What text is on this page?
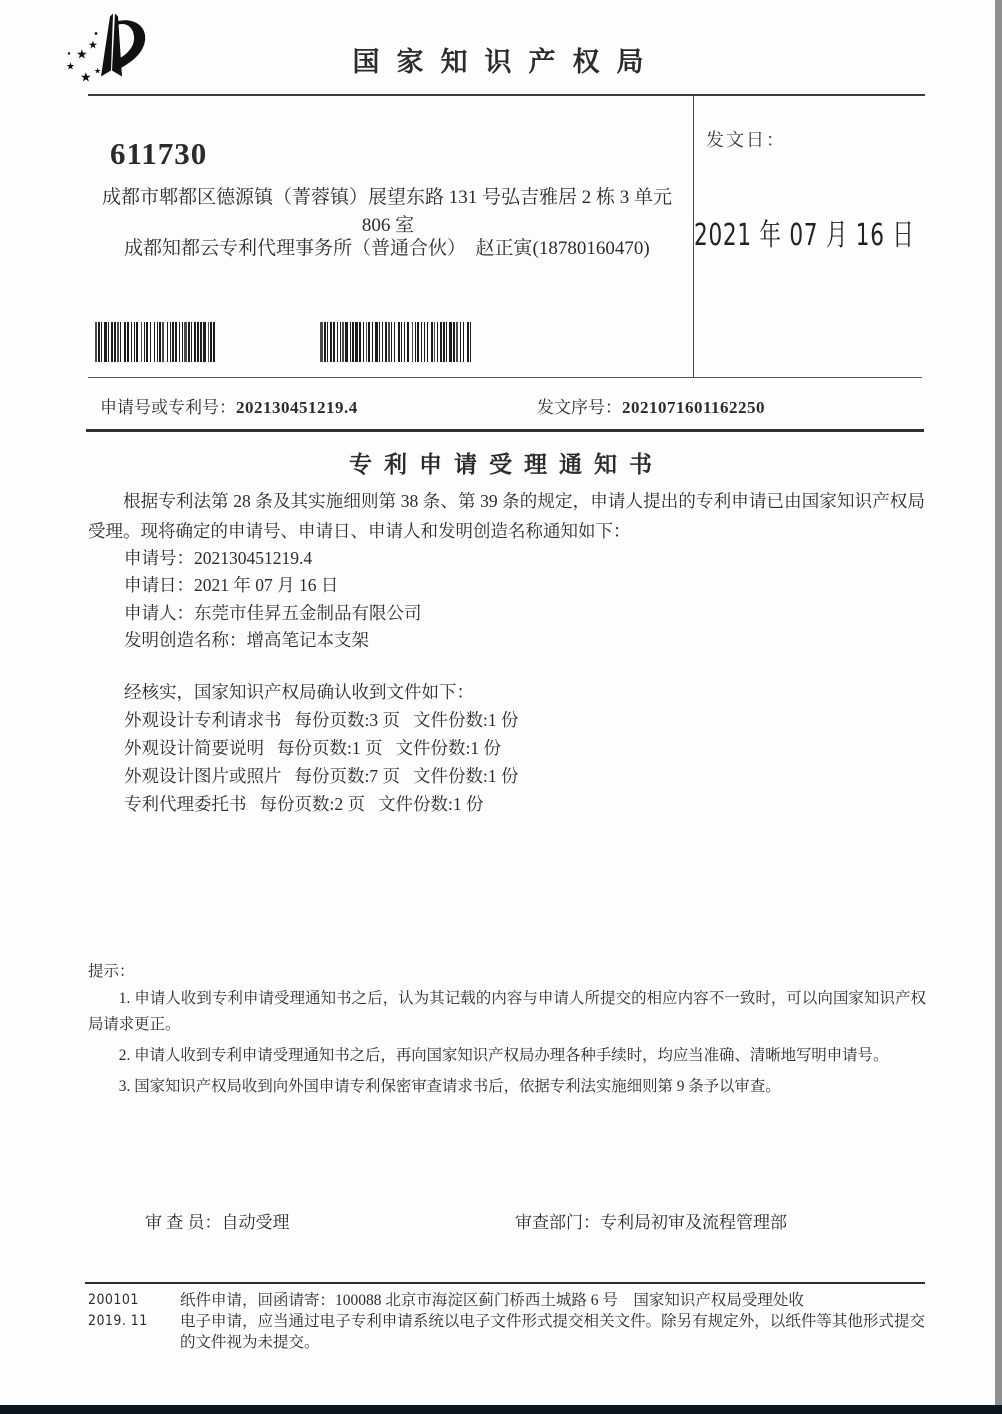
★
★
★
★ ★	国家知识产权局
611730
成都市郫都区德源镇（菁蓉镇）展望东路 131 号弘吉雅居 2 栋 3 单元
806 室
成都知都云专利代理事务所（普通合伙）　赵正寅(18780160470)
发文日：
2021 年 07 月 16 日
申请号或专利号：202130451219.4	发文序号：2021071601162250
专利申请受理通知书
根据专利法第 28 条及其实施细则第 38 条、第 39 条的规定，申请人提出的专利申请已由国家知识产权局受理。现将确定的申请号、申请日、申请人和发明创造名称通知如下：
申请号：202130451219.4
申请日：2021 年 07 月 16 日
申请人：东莞市佳昇五金制品有限公司
发明创造名称：增高笔记本支架
经核实，国家知识产权局确认收到文件如下：
外观设计专利请求书 每份页数:3 页 文件份数:1 份
外观设计简要说明 每份页数:1 页 文件份数:1 份
外观设计图片或照片 每份页数:7 页 文件份数:1 份
专利代理委托书 每份页数:2 页 文件份数:1 份
提示：
1. 申请人收到专利申请受理通知书之后，认为其记载的内容与申请人所提交的相应内容不一致时，可以向国家知识产权局请求更正。
2. 申请人收到专利申请受理通知书之后，再向国家知识产权局办理各种手续时，均应当准确、清晰地写明申请号。
3. 国家知识产权局收到向外国申请专利保密审查请求书后，依据专利法实施细则第 9 条予以审查。
审 查 员：自动受理	审查部门：专利局初审及流程管理部
200101	纸件申请，回函请寄：100088 北京市海淀区蓟门桥西土城路 6 号　国家知识产权局受理处收
2019. 11	电子申请，应当通过电子专利申请系统以电子文件形式提交相关文件。除另有规定外，以纸件等其他形式提交的文件视为未提交。
